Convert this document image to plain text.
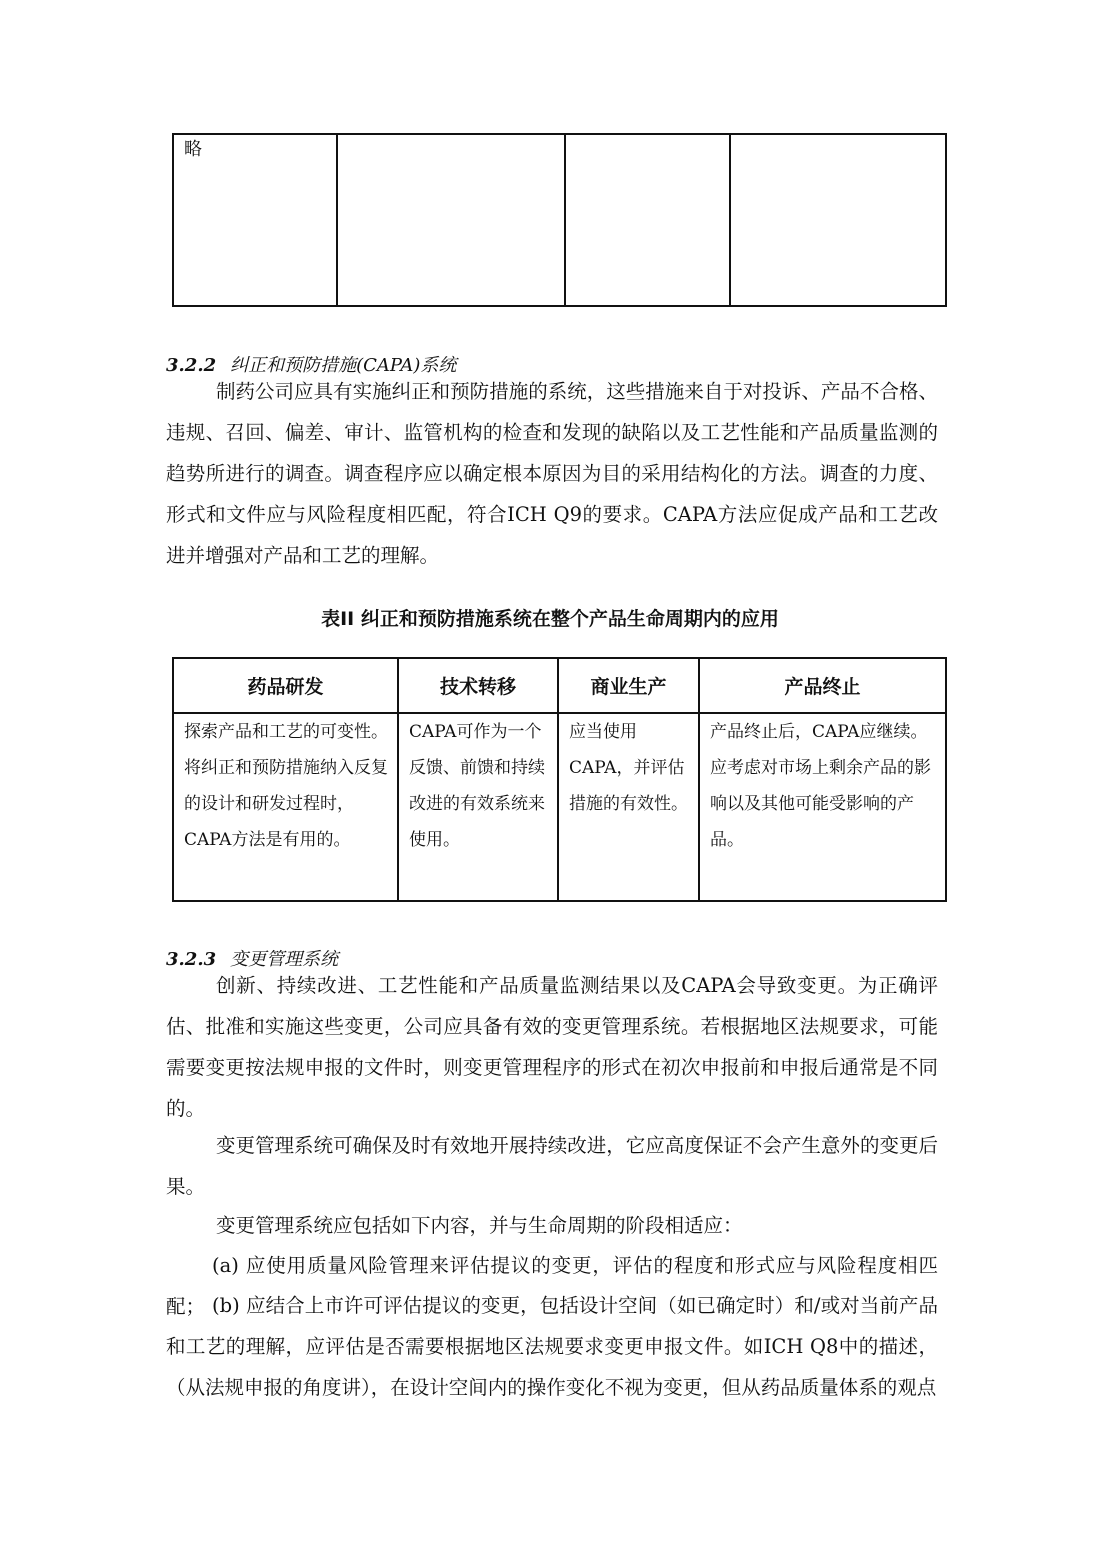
略			
3.2.2 纠正和预防措施(CAPA)系统

制药公司应具有实施纠正和预防措施的系统，这些措施来自于对投诉、产品不合格、违规、召回、偏差、审计、监管机构的检查和发现的缺陷以及工艺性能和产品质量监测的趋势所进行的调查。调查程序应以确定根本原因为目的采用结构化的方法。调查的力度、形式和文件应与风险程度相匹配，符合ICH Q9的要求。CAPA方法应促成产品和工艺改进并增强对产品和工艺的理解。

表II 纠正和预防措施系统在整个产品生命周期内的应用
药品研发	技术转移	商业生产	产品终止
探索产品和工艺的可变性。将纠正和预防措施纳入反复的设计和研发过程时，CAPA方法是有用的。	CAPA可作为一个反馈、前馈和持续改进的有效系统来使用。	应当使用CAPA，并评估措施的有效性。	产品终止后，CAPA应继续。应考虑对市场上剩余产品的影响以及其他可能受影响的产品。
3.2.3 变更管理系统

创新、持续改进、工艺性能和产品质量监测结果以及CAPA会导致变更。为正确评估、批准和实施这些变更，公司应具备有效的变更管理系统。若根据地区法规要求，可能需要变更按法规申报的文件时，则变更管理程序的形式在初次申报前和申报后通常是不同的。

变更管理系统可确保及时有效地开展持续改进，它应高度保证不会产生意外的变更后果。

变更管理系统应包括如下内容，并与生命周期的阶段相适应：

(a) 应使用质量风险管理来评估提议的变更，评估的程度和形式应与风险程度相匹配； (b) 应结合上市许可评估提议的变更，包括设计空间（如已确定时）和/或对当前产品和工艺的理解，应评估是否需要根据地区法规要求变更申报文件。如ICH Q8中的描述，（从法规申报的角度讲），在设计空间内的操作变化不视为变更，但从药品质量体系的观点
